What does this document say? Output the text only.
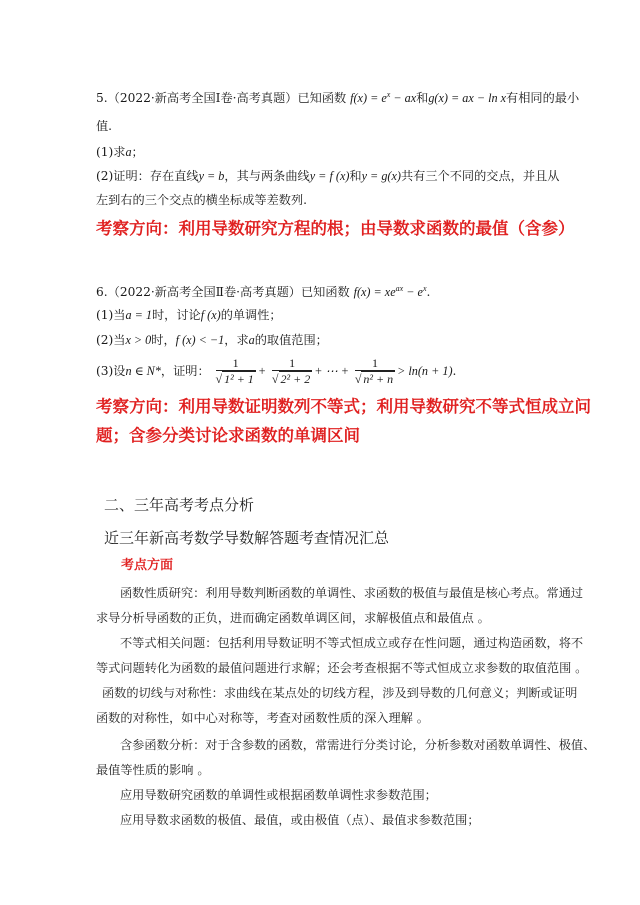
5.（2022·新高考全国Ⅰ卷·高考真题）已知函数 $f(x) = e^x$ − ax和g(x) = ax − ln x有相同的最小
值.
(1)求a；
(2)证明：存在直线y = b，其与两条曲线y = f (x)和y = g(x)共有三个不同的交点，并且从
左到右的三个交点的横坐标成等差数列.
考察方向：利用导数研究方程的根；由导数求函数的最值（含参）
6.（2022·新高考全国Ⅱ卷·高考真题）已知函数 $f(x) = xe^{ax} - e^x$.
(1)当a = 1时，讨论f (x)的单调性；
(2)当x > 0时，f (x) < −1，求a的取值范围；
(3)设n ∈ N*，证明： $\frac{1}{\text{√ 1² + 1}} + \frac{1}{\text{√ 2² + 2}}$ + ⋯ + $\frac{1}{\text{√ n² + n}} > \ln(n + 1)$.
考察方向：利用导数证明数列不等式；利用导数研究不等式恒成立问
题；含参分类讨论求函数的单调区间
二、三年高考考点分析
近三年新高考数学导数解答题考查情况汇总
考点方面
函数性质研究：利用导数判断函数的单调性、求函数的极值与最值是核心考点。常通过
求导分析导函数的正负，进而确定函数单调区间，求解极值点和最值点 。
不等式相关问题：包括利用导数证明不等式恒成立或存在性问题，通过构造函数，将不
等式问题转化为函数的最值问题进行求解；还会考查根据不等式恒成立求参数的取值范围 。
函数的切线与对称性：求曲线在某点处的切线方程，涉及到导数的几何意义；判断或证明
函数的对称性，如中心对称等，考查对函数性质的深入理解 。
含参函数分析：对于含参数的函数，常需进行分类讨论，分析参数对函数单调性、极值、
最值等性质的影响 。
应用导数研究函数的单调性或根据函数单调性求参数范围；
应用导数求函数的极值、最值，或由极值（点）、最值求参数范围；
